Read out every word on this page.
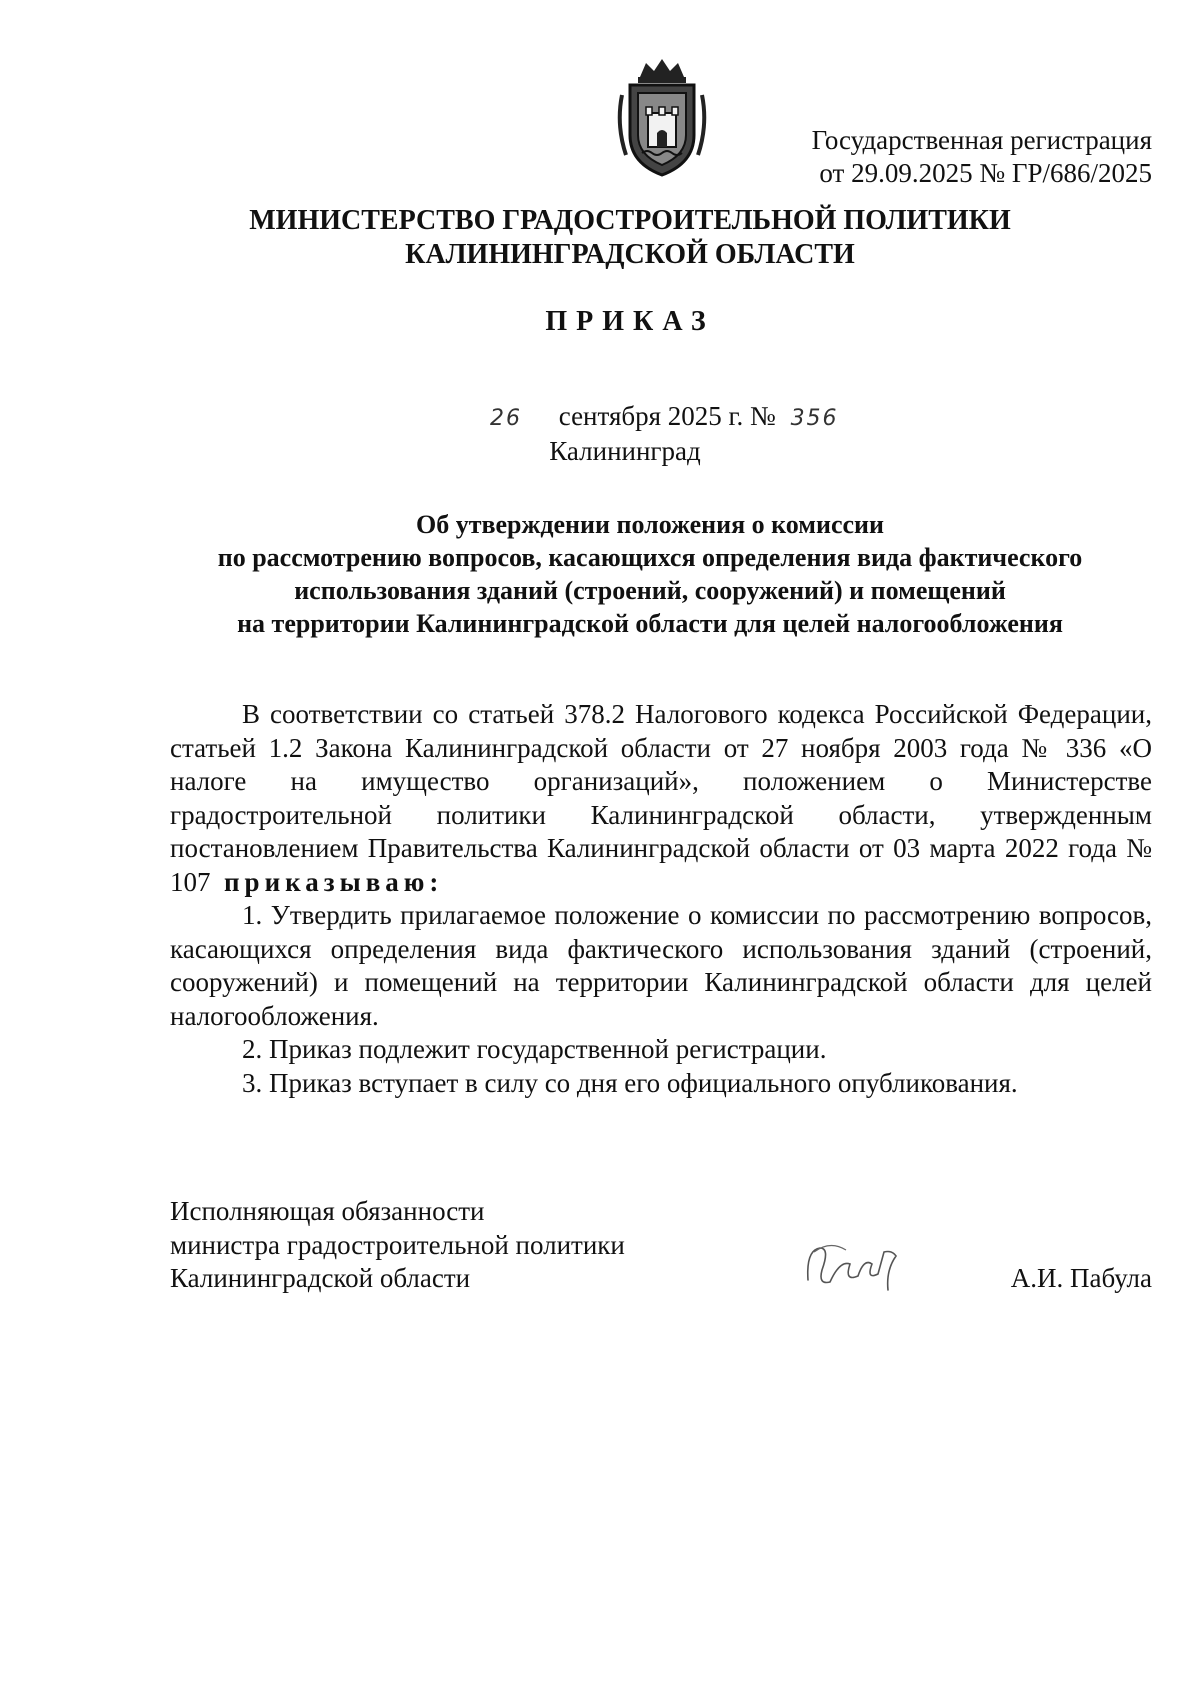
Государственная регистрация
от 29.09.2025 № ГР/686/2025
МИНИСТЕРСТВО ГРАДОСТРОИТЕЛЬНОЙ ПОЛИТИКИ
КАЛИНИНГРАДСКОЙ ОБЛАСТИ
ПРИКАЗ
26 сентября 2025 г. № 356
Калининград
Об утверждении положения о комиссии
по рассмотрению вопросов, касающихся определения вида фактического
использования зданий (строений, сооружений) и помещений
на территории Калининградской области для целей налогообложения

В соответствии со статьей 378.2 Налогового кодекса Российской Федерации, статьей 1.2 Закона Калининградской области от 27 ноября 2003 года № 336 «О налоге на имущество организаций», положением о Министерстве градостроительной политики Калининградской области, утвержденным постановлением Правительства Калининградской области от 03 марта 2022 года № 107 приказываю:

1. Утвердить прилагаемое положение о комиссии по рассмотрению вопросов, касающихся определения вида фактического использования зданий (строений, сооружений) и помещений на территории Калининградской области для целей налогообложения.

2. Приказ подлежит государственной регистрации.

3. Приказ вступает в силу со дня его официального опубликования.

Исполняющая обязанности
министра градостроительной политики
Калининградской области	А.И. Пабула
